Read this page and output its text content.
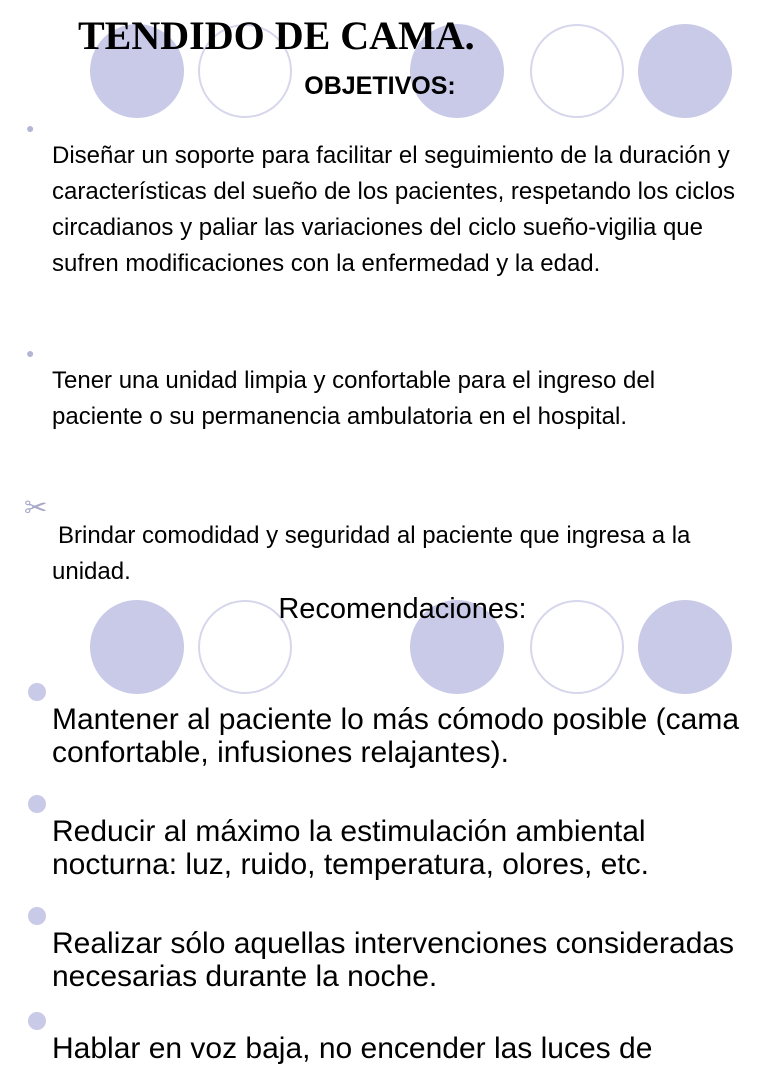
TENDIDO DE CAMA.
OBJETIVOS:
●

Diseñar un soporte para facilitar el seguimiento de la duración y características del sueño de los pacientes, respetando los ciclos circadianos y paliar las variaciones del ciclo sueño-vigilia que sufren modificaciones con la enfermedad y la edad.

●

Tener una unidad limpia y confortable para el ingreso del paciente o su permanencia ambulatoria en el hospital.

✂

Brindar comodidad y seguridad al paciente que ingresa a la unidad.

Recomendaciones:

Mantener al paciente lo más cómodo posible (cama confortable, infusiones relajantes).

Reducir al máximo la estimulación ambiental nocturna: luz, ruido, temperatura, olores, etc.

Realizar sólo aquellas intervenciones consideradas necesarias durante la noche.

Hablar en voz baja, no encender las luces de
